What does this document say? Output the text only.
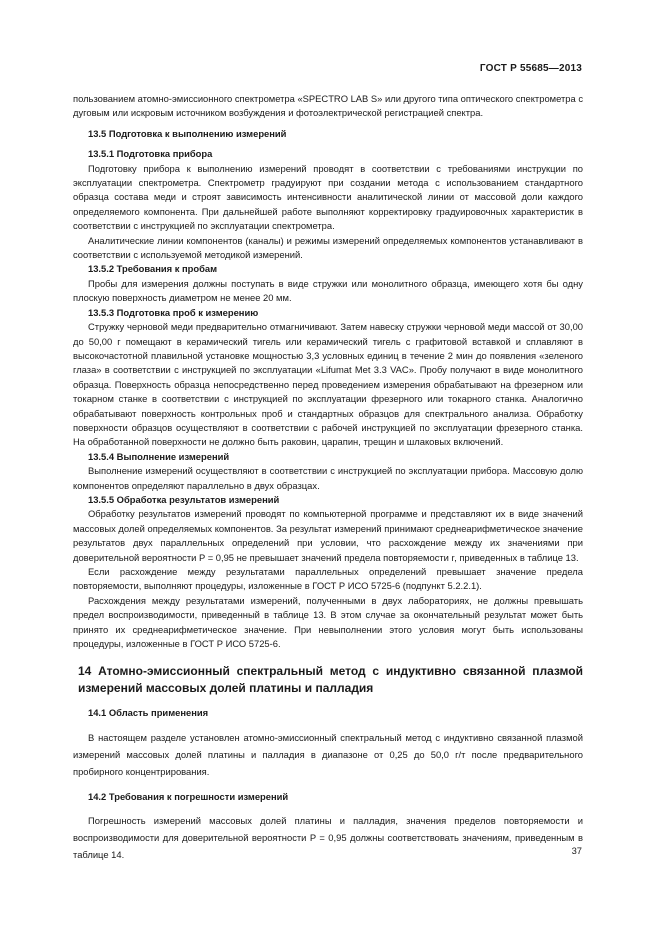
ГОСТ Р 55685—2013

пользованием атомно-эмиссионного спектрометра «SPECTRO LAB S» или другого типа оптического спектрометра с дуговым или искровым источником возбуждения и фотоэлектрической регистрацией спектра.

13.5 Подготовка к выполнению измерений

13.5.1 Подготовка прибора

Подготовку прибора к выполнению измерений проводят в соответствии с требованиями инструкции по эксплуатации спектрометра. Спектрометр градуируют при создании метода с использованием стандартного образца состава меди и строят зависимость интенсивности аналитической линии от массовой доли каждого определяемого компонента. При дальнейшей работе выполняют корректировку градуировочных характеристик в соответствии с инструкцией по эксплуатации спектрометра.

Аналитические линии компонентов (каналы) и режимы измерений определяемых компонентов устанавливают в соответствии с используемой методикой измерений.

13.5.2 Требования к пробам

Пробы для измерения должны поступать в виде стружки или монолитного образца, имеющего хотя бы одну плоскую поверхность диаметром не менее 20 мм.

13.5.3 Подготовка проб к измерению

Стружку черновой меди предварительно отмагничивают. Затем навеску стружки черновой меди массой от 30,00 до 50,00 г помещают в керамический тигель или керамический тигель с графитовой вставкой и сплавляют в высокочастотной плавильной установке мощностью 3,3 условных единиц в течение 2 мин до появления «зеленого глаза» в соответствии с инструкцией по эксплуатации «Lifumat Met 3.3 VAC». Пробу получают в виде монолитного образца. Поверхность образца непосредственно перед проведением измерения обрабатывают на фрезерном или токарном станке в соответствии с инструкцией по эксплуатации фрезерного или токарного станка. Аналогично обрабатывают поверхность контрольных проб и стандартных образцов для спектрального анализа. Обработку поверхности образцов осуществляют в соответствии с рабочей инструкцией по эксплуатации фрезерного станка. На обработанной поверхности не должно быть раковин, царапин, трещин и шлаковых включений.

13.5.4 Выполнение измерений

Выполнение измерений осуществляют в соответствии с инструкцией по эксплуатации прибора. Массовую долю компонентов определяют параллельно в двух образцах.

13.5.5 Обработка результатов измерений

Обработку результатов измерений проводят по компьютерной программе и представляют их в виде значений массовых долей определяемых компонентов. За результат измерений принимают среднеарифметическое значение результатов двух параллельных определений при условии, что расхождение между их значениями при доверительной вероятности P = 0,95 не превышает значений предела повторяемости r, приведенных в таблице 13.

Если расхождение между результатами параллельных определений превышает значение предела повторяемости, выполняют процедуры, изложенные в ГОСТ Р ИСО 5725-6 (подпункт 5.2.2.1).

Расхождения между результатами измерений, полученными в двух лабораториях, не должны превышать предел воспроизводимости, приведенный в таблице 13. В этом случае за окончательный результат может быть принято их среднеарифметическое значение. При невыполнении этого условия могут быть использованы процедуры, изложенные в ГОСТ Р ИСО 5725-6.

14 Атомно-эмиссионный спектральный метод с индуктивно связанной плазмой измерений массовых долей платины и палладия

14.1 Область применения

В настоящем разделе установлен атомно-эмиссионный спектральный метод с индуктивно связанной плазмой измерений массовых долей платины и палладия в диапазоне от 0,25 до 50,0 г/т после предварительного пробирного концентрирования.

14.2 Требования к погрешности измерений

Погрешность измерений массовых долей платины и палладия, значения пределов повторяемости и воспроизводимости для доверительной вероятности P = 0,95 должны соответствовать значениям, приведенным в таблице 14.	37
